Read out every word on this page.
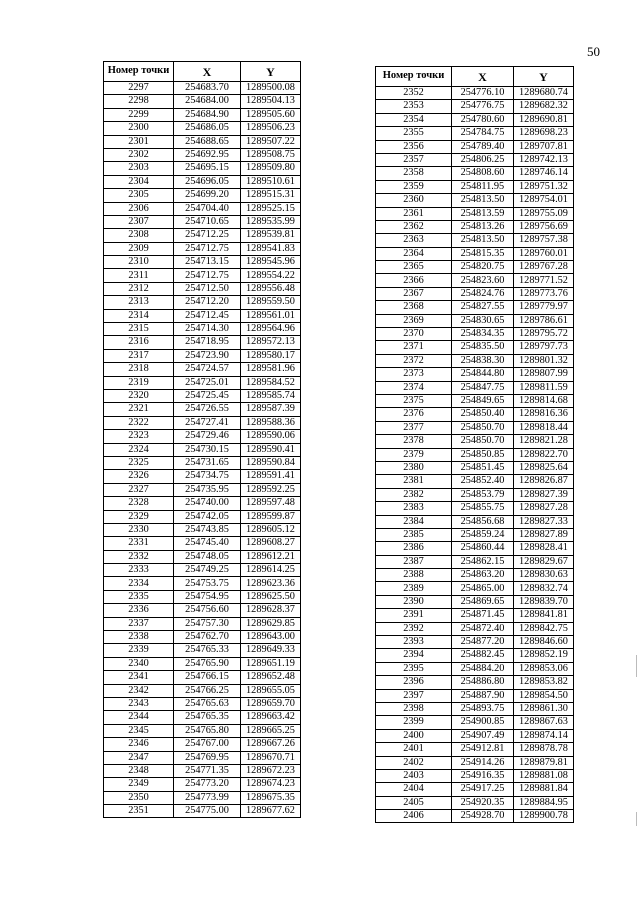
50
Номер точки	X	Y
2297	254683.70	1289500.08
2298	254684.00	1289504.13
2299	254684.90	1289505.60
2300	254686.05	1289506.23
2301	254688.65	1289507.22
2302	254692.95	1289508.75
2303	254695.15	1289509.80
2304	254696.05	1289510.61
2305	254699.20	1289515.31
2306	254704.40	1289525.15
2307	254710.65	1289535.99
2308	254712.25	1289539.81
2309	254712.75	1289541.83
2310	254713.15	1289545.96
2311	254712.75	1289554.22
2312	254712.50	1289556.48
2313	254712.20	1289559.50
2314	254712.45	1289561.01
2315	254714.30	1289564.96
2316	254718.95	1289572.13
2317	254723.90	1289580.17
2318	254724.57	1289581.96
2319	254725.01	1289584.52
2320	254725.45	1289585.74
2321	254726.55	1289587.39
2322	254727.41	1289588.36
2323	254729.46	1289590.06
2324	254730.15	1289590.41
2325	254731.65	1289590.84
2326	254734.75	1289591.41
2327	254735.95	1289592.25
2328	254740.00	1289597.48
2329	254742.05	1289599.87
2330	254743.85	1289605.12
2331	254745.40	1289608.27
2332	254748.05	1289612.21
2333	254749.25	1289614.25
2334	254753.75	1289623.36
2335	254754.95	1289625.50
2336	254756.60	1289628.37
2337	254757.30	1289629.85
2338	254762.70	1289643.00
2339	254765.33	1289649.33
2340	254765.90	1289651.19
2341	254766.15	1289652.48
2342	254766.25	1289655.05
2343	254765.63	1289659.70
2344	254765.35	1289663.42
2345	254765.80	1289665.25
2346	254767.00	1289667.26
2347	254769.95	1289670.71
2348	254771.35	1289672.23
2349	254773.20	1289674.23
2350	254773.99	1289675.35
2351	254775.00	1289677.62
Номер точки	X	Y
2352	254776.10	1289680.74
2353	254776.75	1289682.32
2354	254780.60	1289690.81
2355	254784.75	1289698.23
2356	254789.40	1289707.81
2357	254806.25	1289742.13
2358	254808.60	1289746.14
2359	254811.95	1289751.32
2360	254813.50	1289754.01
2361	254813.59	1289755.09
2362	254813.26	1289756.69
2363	254813.50	1289757.38
2364	254815.35	1289760.01
2365	254820.75	1289767.28
2366	254823.60	1289771.52
2367	254824.76	1289773.76
2368	254827.55	1289779.97
2369	254830.65	1289786.61
2370	254834.35	1289795.72
2371	254835.50	1289797.73
2372	254838.30	1289801.32
2373	254844.80	1289807.99
2374	254847.75	1289811.59
2375	254849.65	1289814.68
2376	254850.40	1289816.36
2377	254850.70	1289818.44
2378	254850.70	1289821.28
2379	254850.85	1289822.70
2380	254851.45	1289825.64
2381	254852.40	1289826.87
2382	254853.79	1289827.39
2383	254855.75	1289827.28
2384	254856.68	1289827.33
2385	254859.24	1289827.89
2386	254860.44	1289828.41
2387	254862.15	1289829.67
2388	254863.20	1289830.63
2389	254865.00	1289832.74
2390	254869.65	1289839.70
2391	254871.45	1289841.81
2392	254872.40	1289842.75
2393	254877.20	1289846.60
2394	254882.45	1289852.19
2395	254884.20	1289853.06
2396	254886.80	1289853.82
2397	254887.90	1289854.50
2398	254893.75	1289861.30
2399	254900.85	1289867.63
2400	254907.49	1289874.14
2401	254912.81	1289878.78
2402	254914.26	1289879.81
2403	254916.35	1289881.08
2404	254917.25	1289881.84
2405	254920.35	1289884.95
2406	254928.70	1289900.78
